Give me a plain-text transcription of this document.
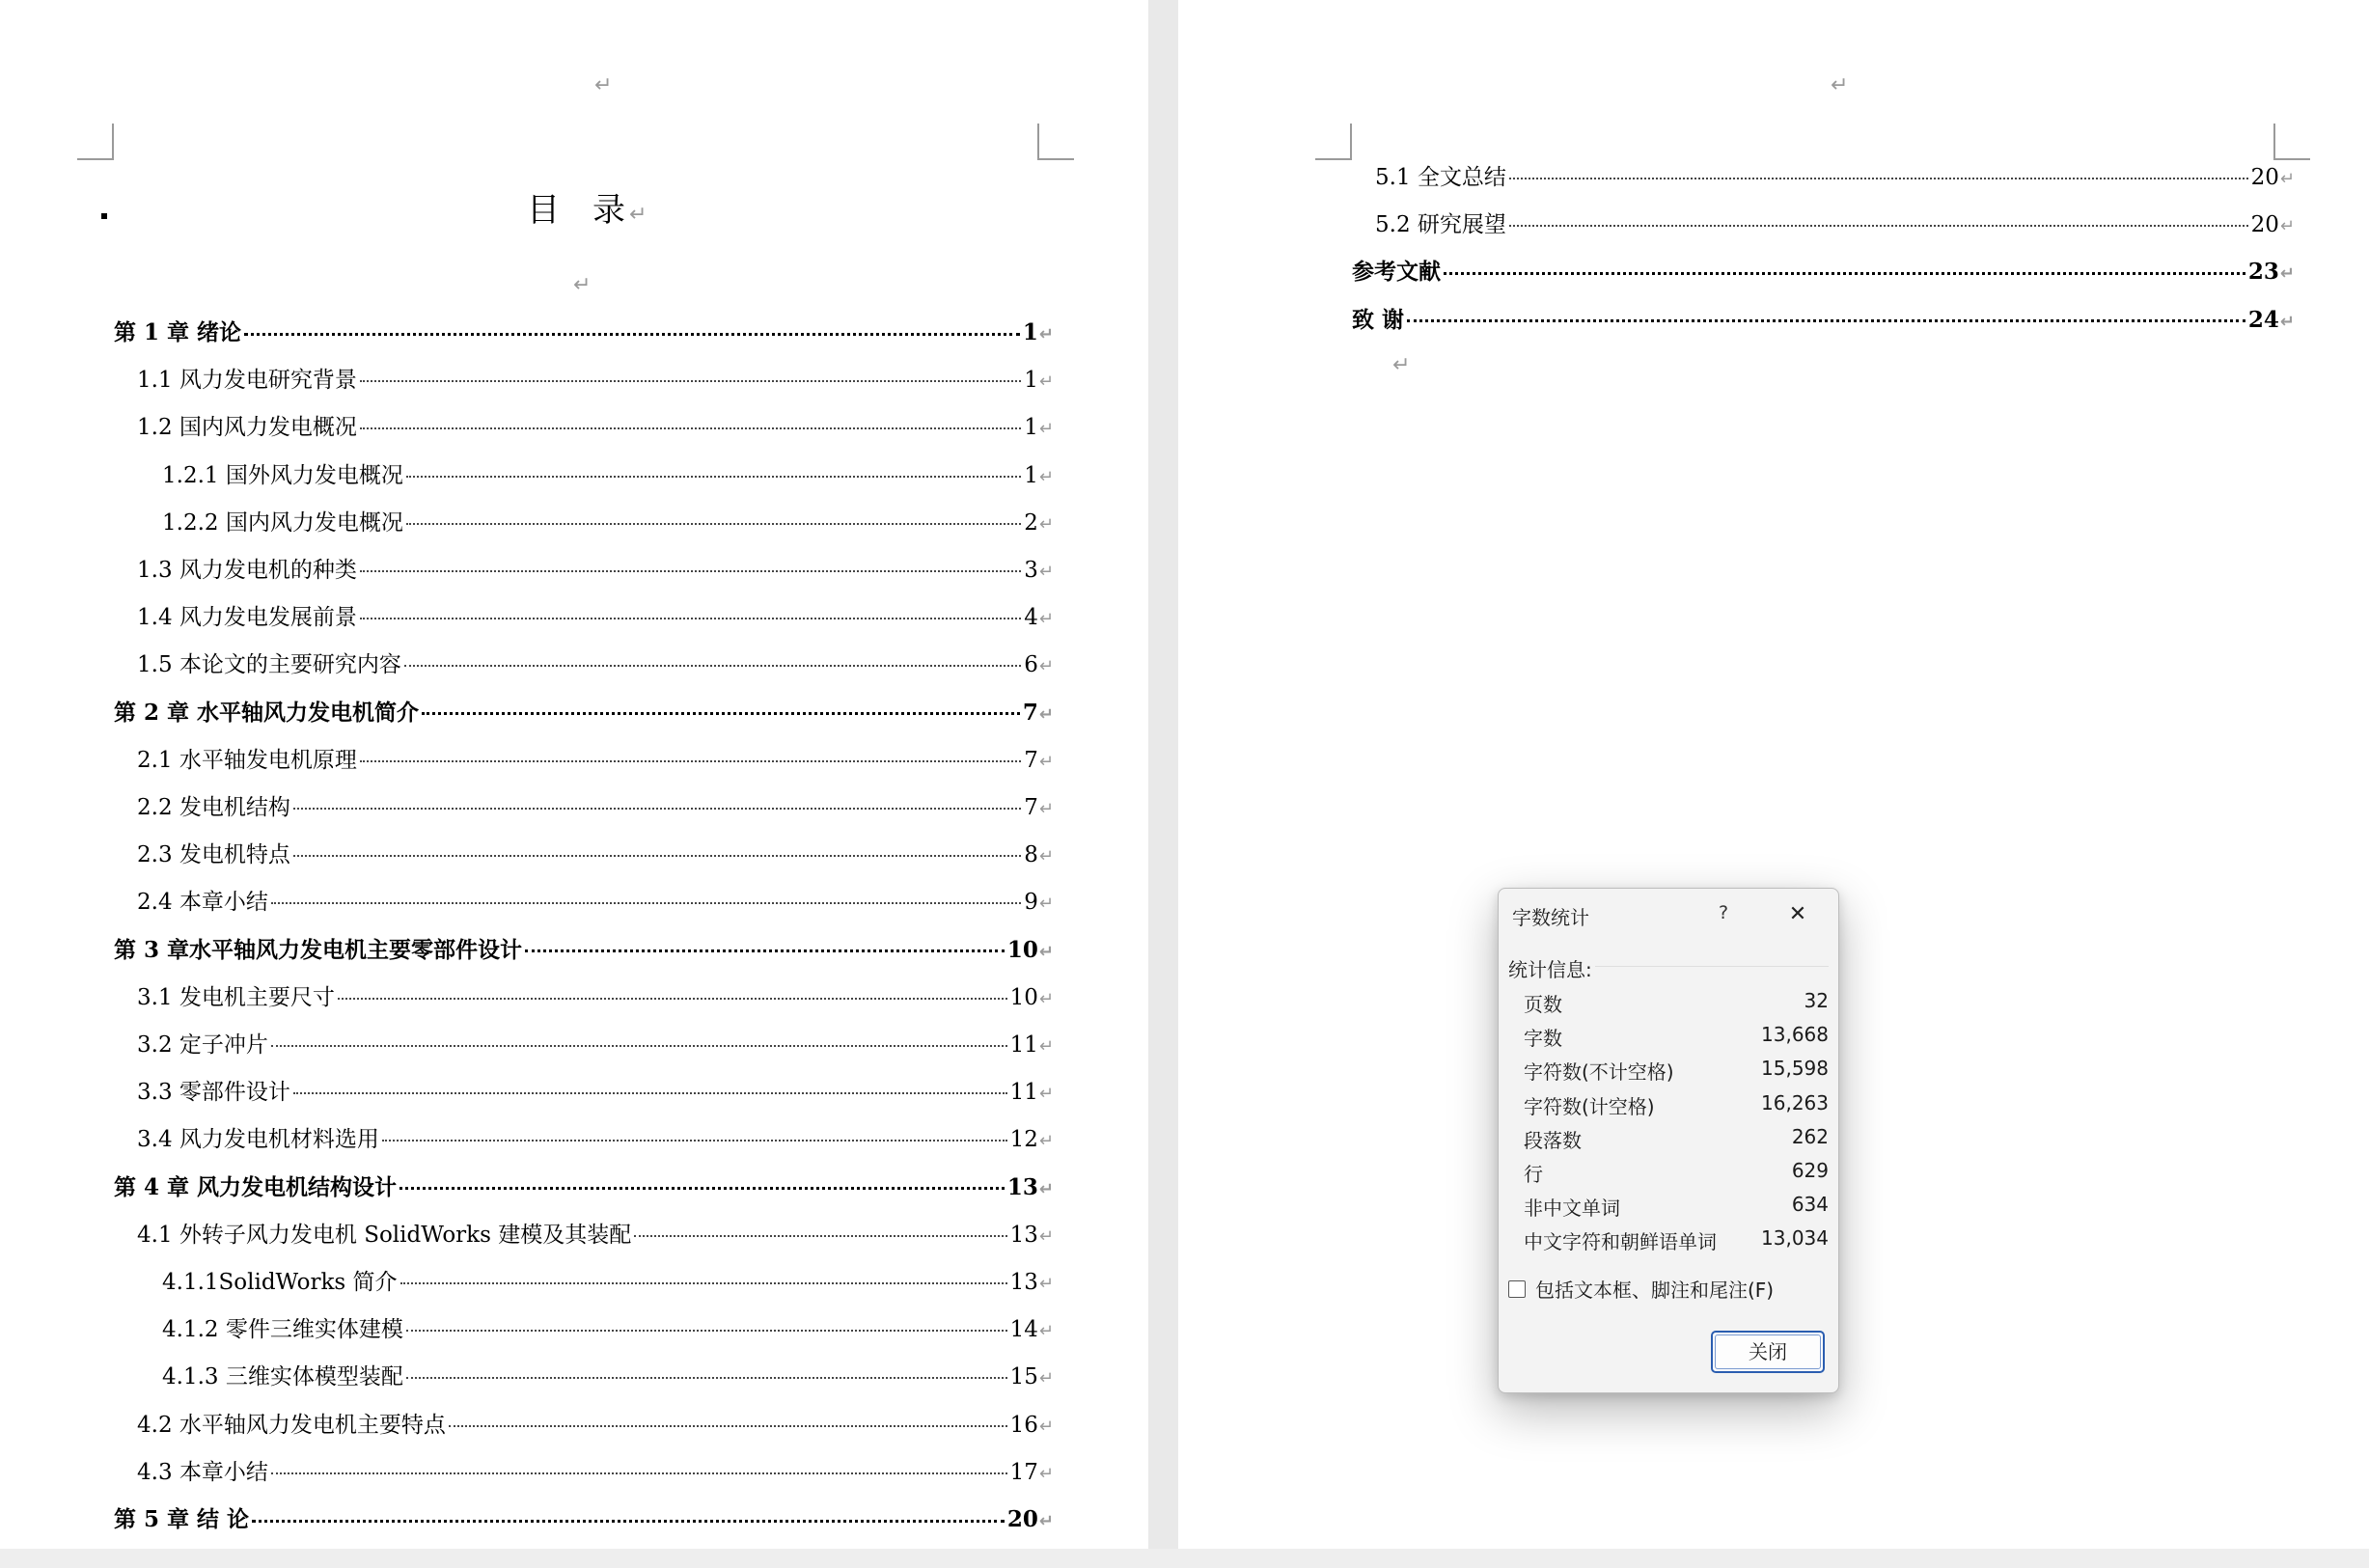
↵
目 录↵
↵
第 1 章 绪论	1 ↵
1.1 风力发电研究背景	1 ↵
1.2 国内风力发电概况	1 ↵
1.2.1 国外风力发电概况	1 ↵
1.2.2 国内风力发电概况	2 ↵
1.3 风力发电机的种类	3 ↵
1.4 风力发电发展前景	4 ↵
1.5 本论文的主要研究内容	6 ↵
第 2 章 水平轴风力发电机简介	7 ↵
2.1 水平轴发电机原理	7 ↵
2.2 发电机结构	7 ↵
2.3 发电机特点	8 ↵
2.4 本章小结	9 ↵
第 3 章水平轴风力发电机主要零部件设计	10 ↵
3.1 发电机主要尺寸	10 ↵
3.2 定子冲片	11 ↵
3.3 零部件设计	11 ↵
3.4 风力发电机材料选用	12 ↵
第 4 章 风力发电机结构设计	13 ↵
4.1 外转子风力发电机 SolidWorks 建模及其装配	13 ↵
4.1.1SolidWorks 简介	13 ↵
4.1.2 零件三维实体建模	14 ↵
4.1.3 三维实体模型装配	15 ↵
4.2 水平轴风力发电机主要特点	16 ↵
4.3 本章小结	17 ↵
第 5 章 结 论	20 ↵
↵
5.1 全文总结	20 ↵
5.2 研究展望	20 ↵
参考文献	23 ↵
致 谢	24 ↵
↵
字数统计	?	✕
统计信息:
页数	32
字数	13,668
字符数(不计空格)	15,598
字符数(计空格)	16,263
段落数	262
行	629
非中文单词	634
中文字符和朝鲜语单词 13,034
包括文本框、脚注和尾注(F)
关闭
